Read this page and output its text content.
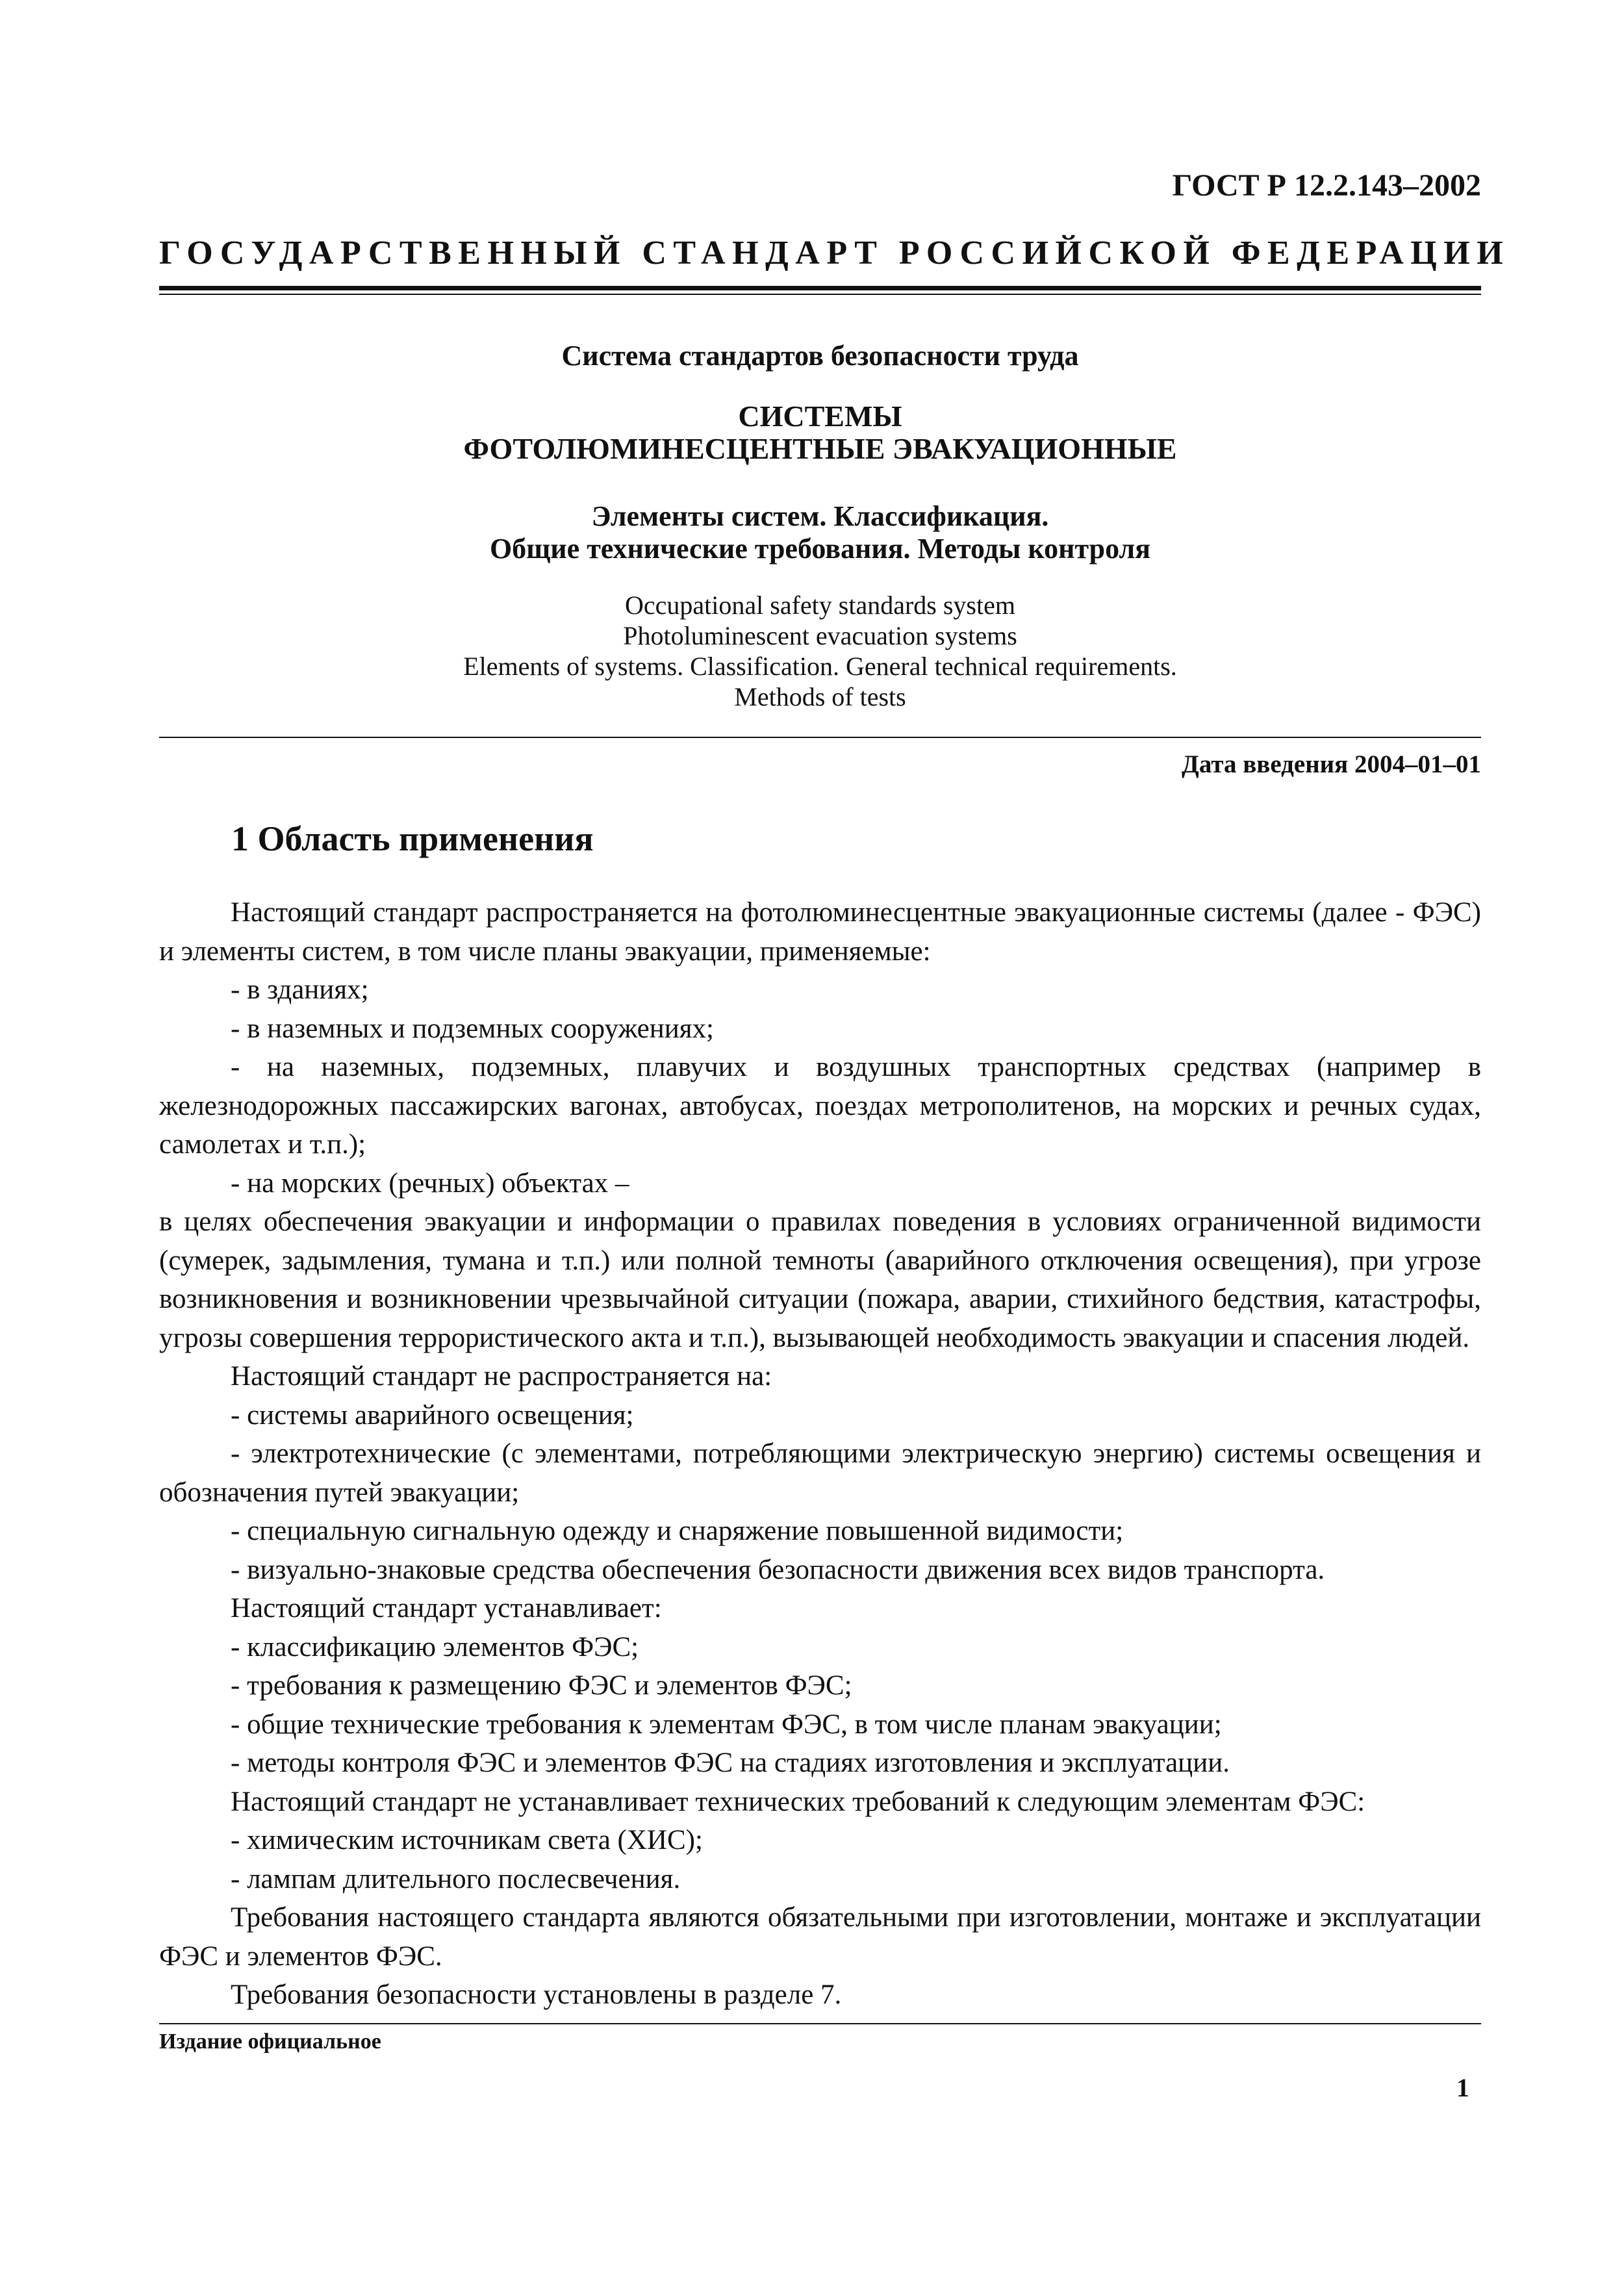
ГОСТ Р 12.2.143–2002
ГОСУДАРСТВЕННЫЙ СТАНДАРТ РОССИЙСКОЙ ФЕДЕРАЦИИ
Система стандартов безопасности труда
СИСТЕМЫ
ФОТОЛЮМИНЕСЦЕНТНЫЕ ЭВАКУАЦИОННЫЕ
Элементы систем. Классификация.
Общие технические требования. Методы контроля
Occupational safety standards system
Photoluminescent evacuation systems
Elements of systems. Classification. General technical requirements.
Methods of tests
Дата введения 2004–01–01
1 Область применения

Настоящий стандарт распространяется на фотолюминесцентные эвакуационные системы (далее - ФЭС) и элементы систем, в том числе планы эвакуации, применяемые:

- в зданиях;

- в наземных и подземных сооружениях;

- на наземных, подземных, плавучих и воздушных транспортных средствах (например в железнодорожных пассажирских вагонах, автобусах, поездах метрополитенов, на морских и речных судах, самолетах и т.п.);

- на морских (речных) объектах –

в целях обеспечения эвакуации и информации о правилах поведения в условиях ограниченной видимости (сумерек, задымления, тумана и т.п.) или полной темноты (аварийного отключения освещения), при угрозе возникновения и возникновении чрезвычайной ситуации (пожара, аварии, стихийного бедствия, катастрофы, угрозы совершения террористического акта и т.п.), вызывающей необходимость эвакуации и спасения людей.

Настоящий стандарт не распространяется на:

- системы аварийного освещения;

- электротехнические (с элементами, потребляющими электрическую энергию) системы освещения и обозначения путей эвакуации;

- специальную сигнальную одежду и снаряжение повышенной видимости;

- визуально-знаковые средства обеспечения безопасности движения всех видов транспорта.

Настоящий стандарт устанавливает:

- классификацию элементов ФЭС;

- требования к размещению ФЭС и элементов ФЭС;

- общие технические требования к элементам ФЭС, в том числе планам эвакуации;

- методы контроля ФЭС и элементов ФЭС на стадиях изготовления и эксплуатации.

Настоящий стандарт не устанавливает технических требований к следующим элементам ФЭС:

- химическим источникам света (ХИС);

- лампам длительного послесвечения.

Требования настоящего стандарта являются обязательными при изготовлении, монтаже и эксплуатации ФЭС и элементов ФЭС.

Требования безопасности установлены в разделе 7.

Издание официальное
1
